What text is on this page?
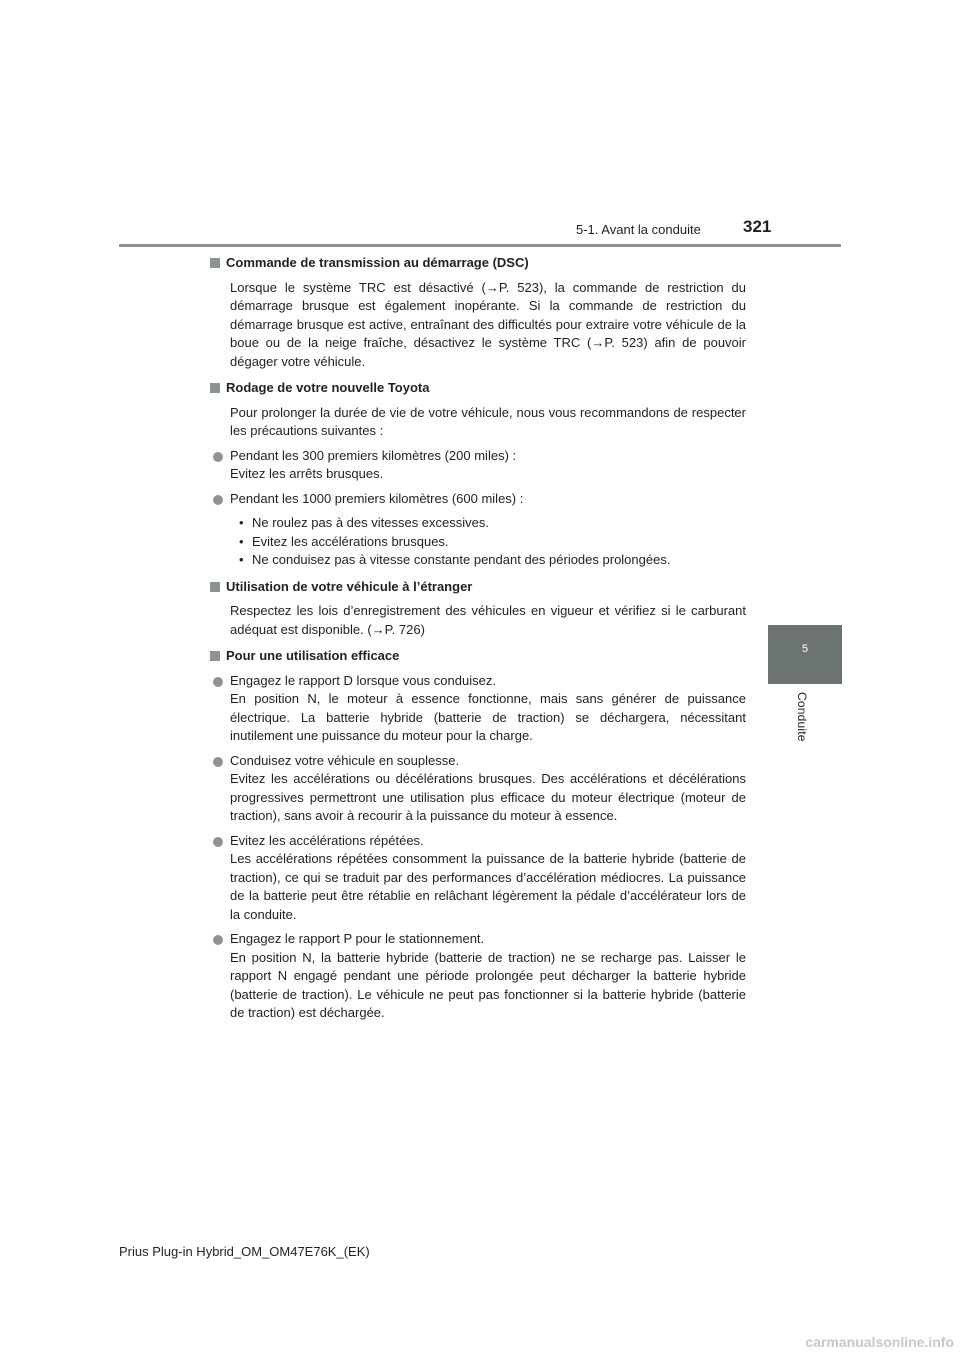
5-1. Avant la conduite 321
5
Conduite
Commande de transmission au démarrage (DSC)
Lorsque le système TRC est désactivé (→P. 523), la commande de restriction du démarrage brusque est également inopérante. Si la commande de restriction du démarrage brusque est active, entraînant des difficultés pour extraire votre véhicule de la boue ou de la neige fraîche, désactivez le système TRC (→P. 523) afin de pouvoir dégager votre véhicule.
Rodage de votre nouvelle Toyota
Pour prolonger la durée de vie de votre véhicule, nous vous recommandons de respecter les précautions suivantes :
Pendant les 300 premiers kilomètres (200 miles) :
Evitez les arrêts brusques.
Pendant les 1000 premiers kilomètres (600 miles) :
• Ne roulez pas à des vitesses excessives.
• Evitez les accélérations brusques.
• Ne conduisez pas à vitesse constante pendant des périodes prolongées.
Utilisation de votre véhicule à l’étranger
Respectez les lois d’enregistrement des véhicules en vigueur et vérifiez si le carburant adéquat est disponible. (→P. 726)
Pour une utilisation efficace
Engagez le rapport D lorsque vous conduisez.
En position N, le moteur à essence fonctionne, mais sans générer de puissance électrique. La batterie hybride (batterie de traction) se déchargera, nécessitant inutilement une puissance du moteur pour la charge.
Conduisez votre véhicule en souplesse.
Evitez les accélérations ou décélérations brusques. Des accélérations et décélérations progressives permettront une utilisation plus efficace du moteur électrique (moteur de traction), sans avoir à recourir à la puissance du moteur à essence.
Evitez les accélérations répétées.
Les accélérations répétées consomment la puissance de la batterie hybride (batterie de traction), ce qui se traduit par des performances d’accélération médiocres. La puissance de la batterie peut être rétablie en relâchant légèrement la pédale d’accélérateur lors de la conduite.
Engagez le rapport P pour le stationnement.
En position N, la batterie hybride (batterie de traction) ne se recharge pas. Laisser le rapport N engagé pendant une période prolongée peut décharger la batterie hybride (batterie de traction). Le véhicule ne peut pas fonctionner si la batterie hybride (batterie de traction) est déchargée.
Prius Plug-in Hybrid_OM_OM47E76K_(EK)
carmanualsonline.info
